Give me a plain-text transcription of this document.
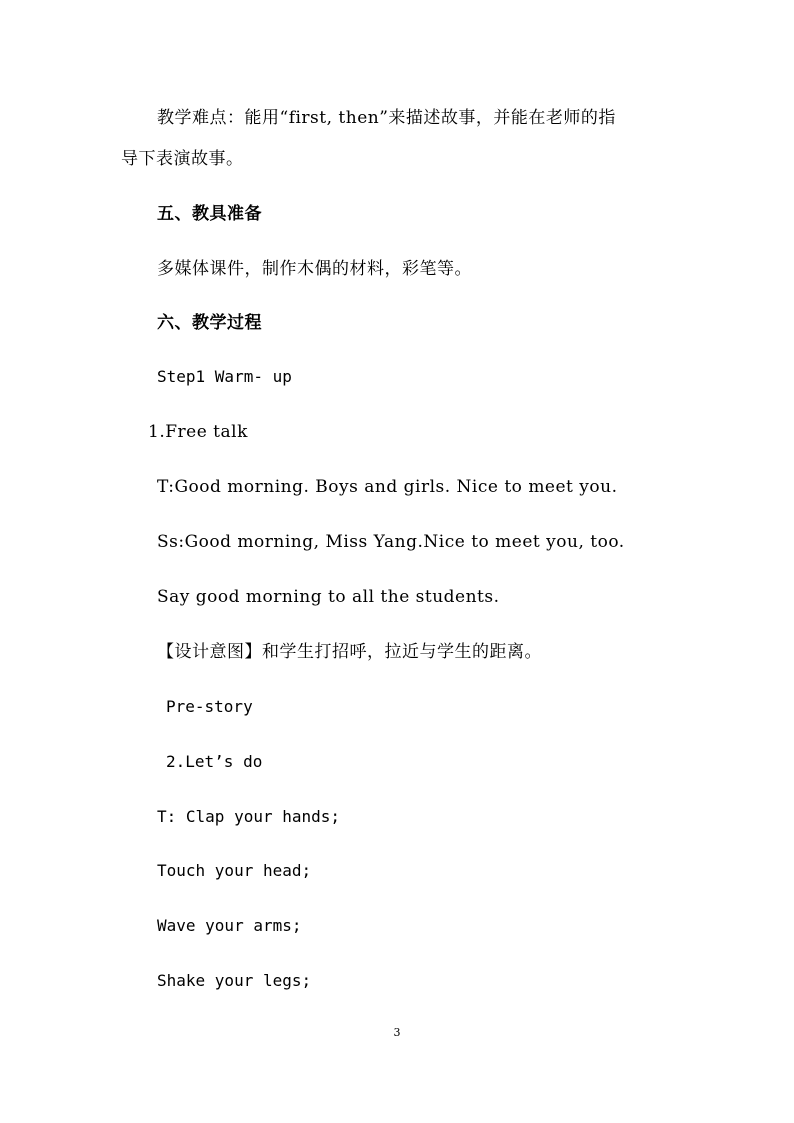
教学难点：能用“first, then”来描述故事，并能在老师的指
导下表演故事。
五、教具准备
多媒体课件，制作木偶的材料，彩笔等。
六、教学过程
Step1 Warm- up
1.Free talk
T:Good morning. Boys and girls. Nice to meet you.
Ss:Good morning, Miss Yang.Nice to meet you, too.
Say good morning to all the students.
【设计意图】和学生打招呼，拉近与学生的距离。
Pre-story
2.Let’s do
T: Clap your hands;
Touch your head;
Wave your arms;
Shake your legs;
3
